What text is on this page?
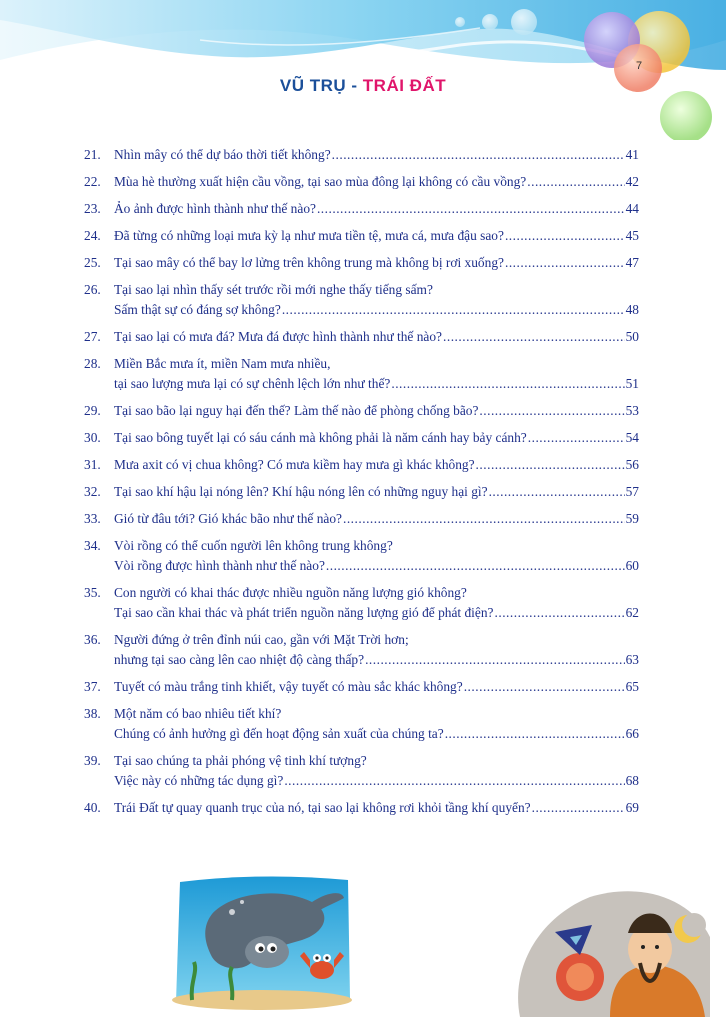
7
VŨ TRỤ - TRÁI ĐẤT
21. Nhìn mây có thể dự báo thời tiết không? .....	41
22. Mùa hè thường xuất hiện cầu vồng, tại sao mùa đông lại không có cầu vồng? .....	42
23. Ảo ảnh được hình thành như thế nào? .....	44
24. Đã từng có những loại mưa kỳ lạ như mưa tiền tệ, mưa cá, mưa đậu sao? .....	45
25. Tại sao mây có thể bay lơ lửng trên không trung mà không bị rơi xuống? .....	47
26. Tại sao lại nhìn thấy sét trước rồi mới nghe thấy tiếng sấm?
Sấm thật sự có đáng sợ không? .....	48
27. Tại sao lại có mưa đá? Mưa đá được hình thành như thế nào? .....	50
28. Miền Bắc mưa ít, miền Nam mưa nhiều,
tại sao lượng mưa lại có sự chênh lệch lớn như thế? .....	51
29. Tại sao bão lại nguy hại đến thế? Làm thế nào để phòng chống bão? .....	53
30. Tại sao bông tuyết lại có sáu cánh mà không phải là năm cánh hay bảy cánh? .....	54
31. Mưa axit có vị chua không? Có mưa kiềm hay mưa gì khác không? .....	56
32. Tại sao khí hậu lại nóng lên? Khí hậu nóng lên có những nguy hại gì? .....	57
33. Gió từ đâu tới? Gió khác bão như thế nào? .....	59
34. Vòi rồng có thể cuốn người lên không trung không?
Vòi rồng được hình thành như thế nào? .....	60
35. Con người có khai thác được nhiều nguồn năng lượng gió không?
Tại sao cần khai thác và phát triển nguồn năng lượng gió để phát điện? .....	62
36. Người đứng ở trên đỉnh núi cao, gần với Mặt Trời hơn;
nhưng tại sao càng lên cao nhiệt độ càng thấp? .....	63
37. Tuyết có màu trắng tinh khiết, vậy tuyết có màu sắc khác không? .....	65
38. Một năm có bao nhiêu tiết khí?
Chúng có ảnh hưởng gì đến hoạt động sản xuất của chúng ta? .....	66
39. Tại sao chúng ta phải phóng vệ tinh khí tượng?
Việc này có những tác dụng gì? .....	68
40. Trái Đất tự quay quanh trục của nó, tại sao lại không rơi khỏi tầng khí quyển? .....	69
